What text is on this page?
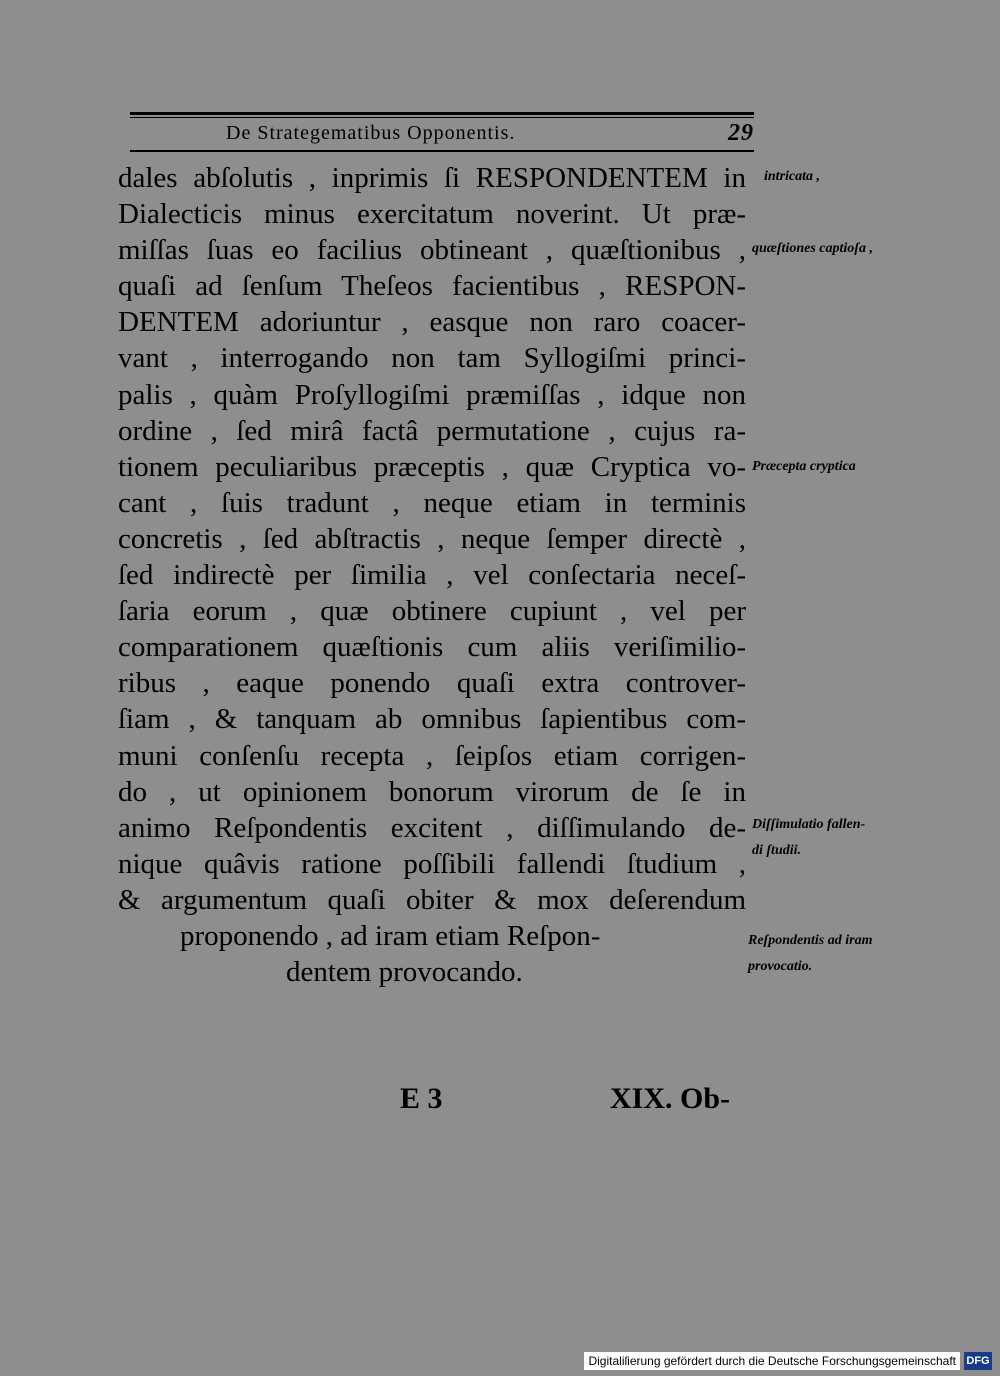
De Strategematibus Opponentis.	29
dales abſolutis , inprimis ſi RESPONDENTEM in
Dialecticis minus exercitatum noverint. Ut præ-
miſſas ſuas eo facilius obtineant , quæſtionibus ,
quaſi ad ſenſum Theſeos facientibus , RESPON-
DENTEM adoriuntur , easque non raro coacer-
vant , interrogando non tam Syllogiſmi princi-
palis , quàm Proſyllogiſmi præmiſſas , idque non
ordine , ſed mirâ factâ permutatione , cujus ra-
tionem peculiaribus præceptis , quæ Cryptica vo-
cant , ſuis tradunt , neque etiam in terminis
concretis , ſed abſtractis , neque ſemper directè ,
ſed indirectè per ſimilia , vel conſectaria neceſ-
ſaria eorum , quæ obtinere cupiunt , vel per
comparationem quæſtionis cum aliis veriſimilio-
ribus , eaque ponendo quaſi extra controver-
ſiam , & tanquam ab omnibus ſapientibus com-
muni conſenſu recepta , ſeipſos etiam corrigen-
do , ut opinionem bonorum virorum de ſe in
animo Reſpondentis excitent , diſſimulando de-
nique quâvis ratione poſſibili fallendi ſtudium ,
& argumentum quaſi obiter & mox deſerendum
proponendo , ad iram etiam Reſpon-
dentem provocando.
intricata ,
quæſtiones captioſa ,
Præcepta cryptica
Diſſimulatio fallen-
di ſtudii.
Reſpondentis ad iram
provocatio.
E 3	XIX. Ob-
Digitaliſierung gefördert durch die Deutsche Forschungsgemeinschaft DFG
